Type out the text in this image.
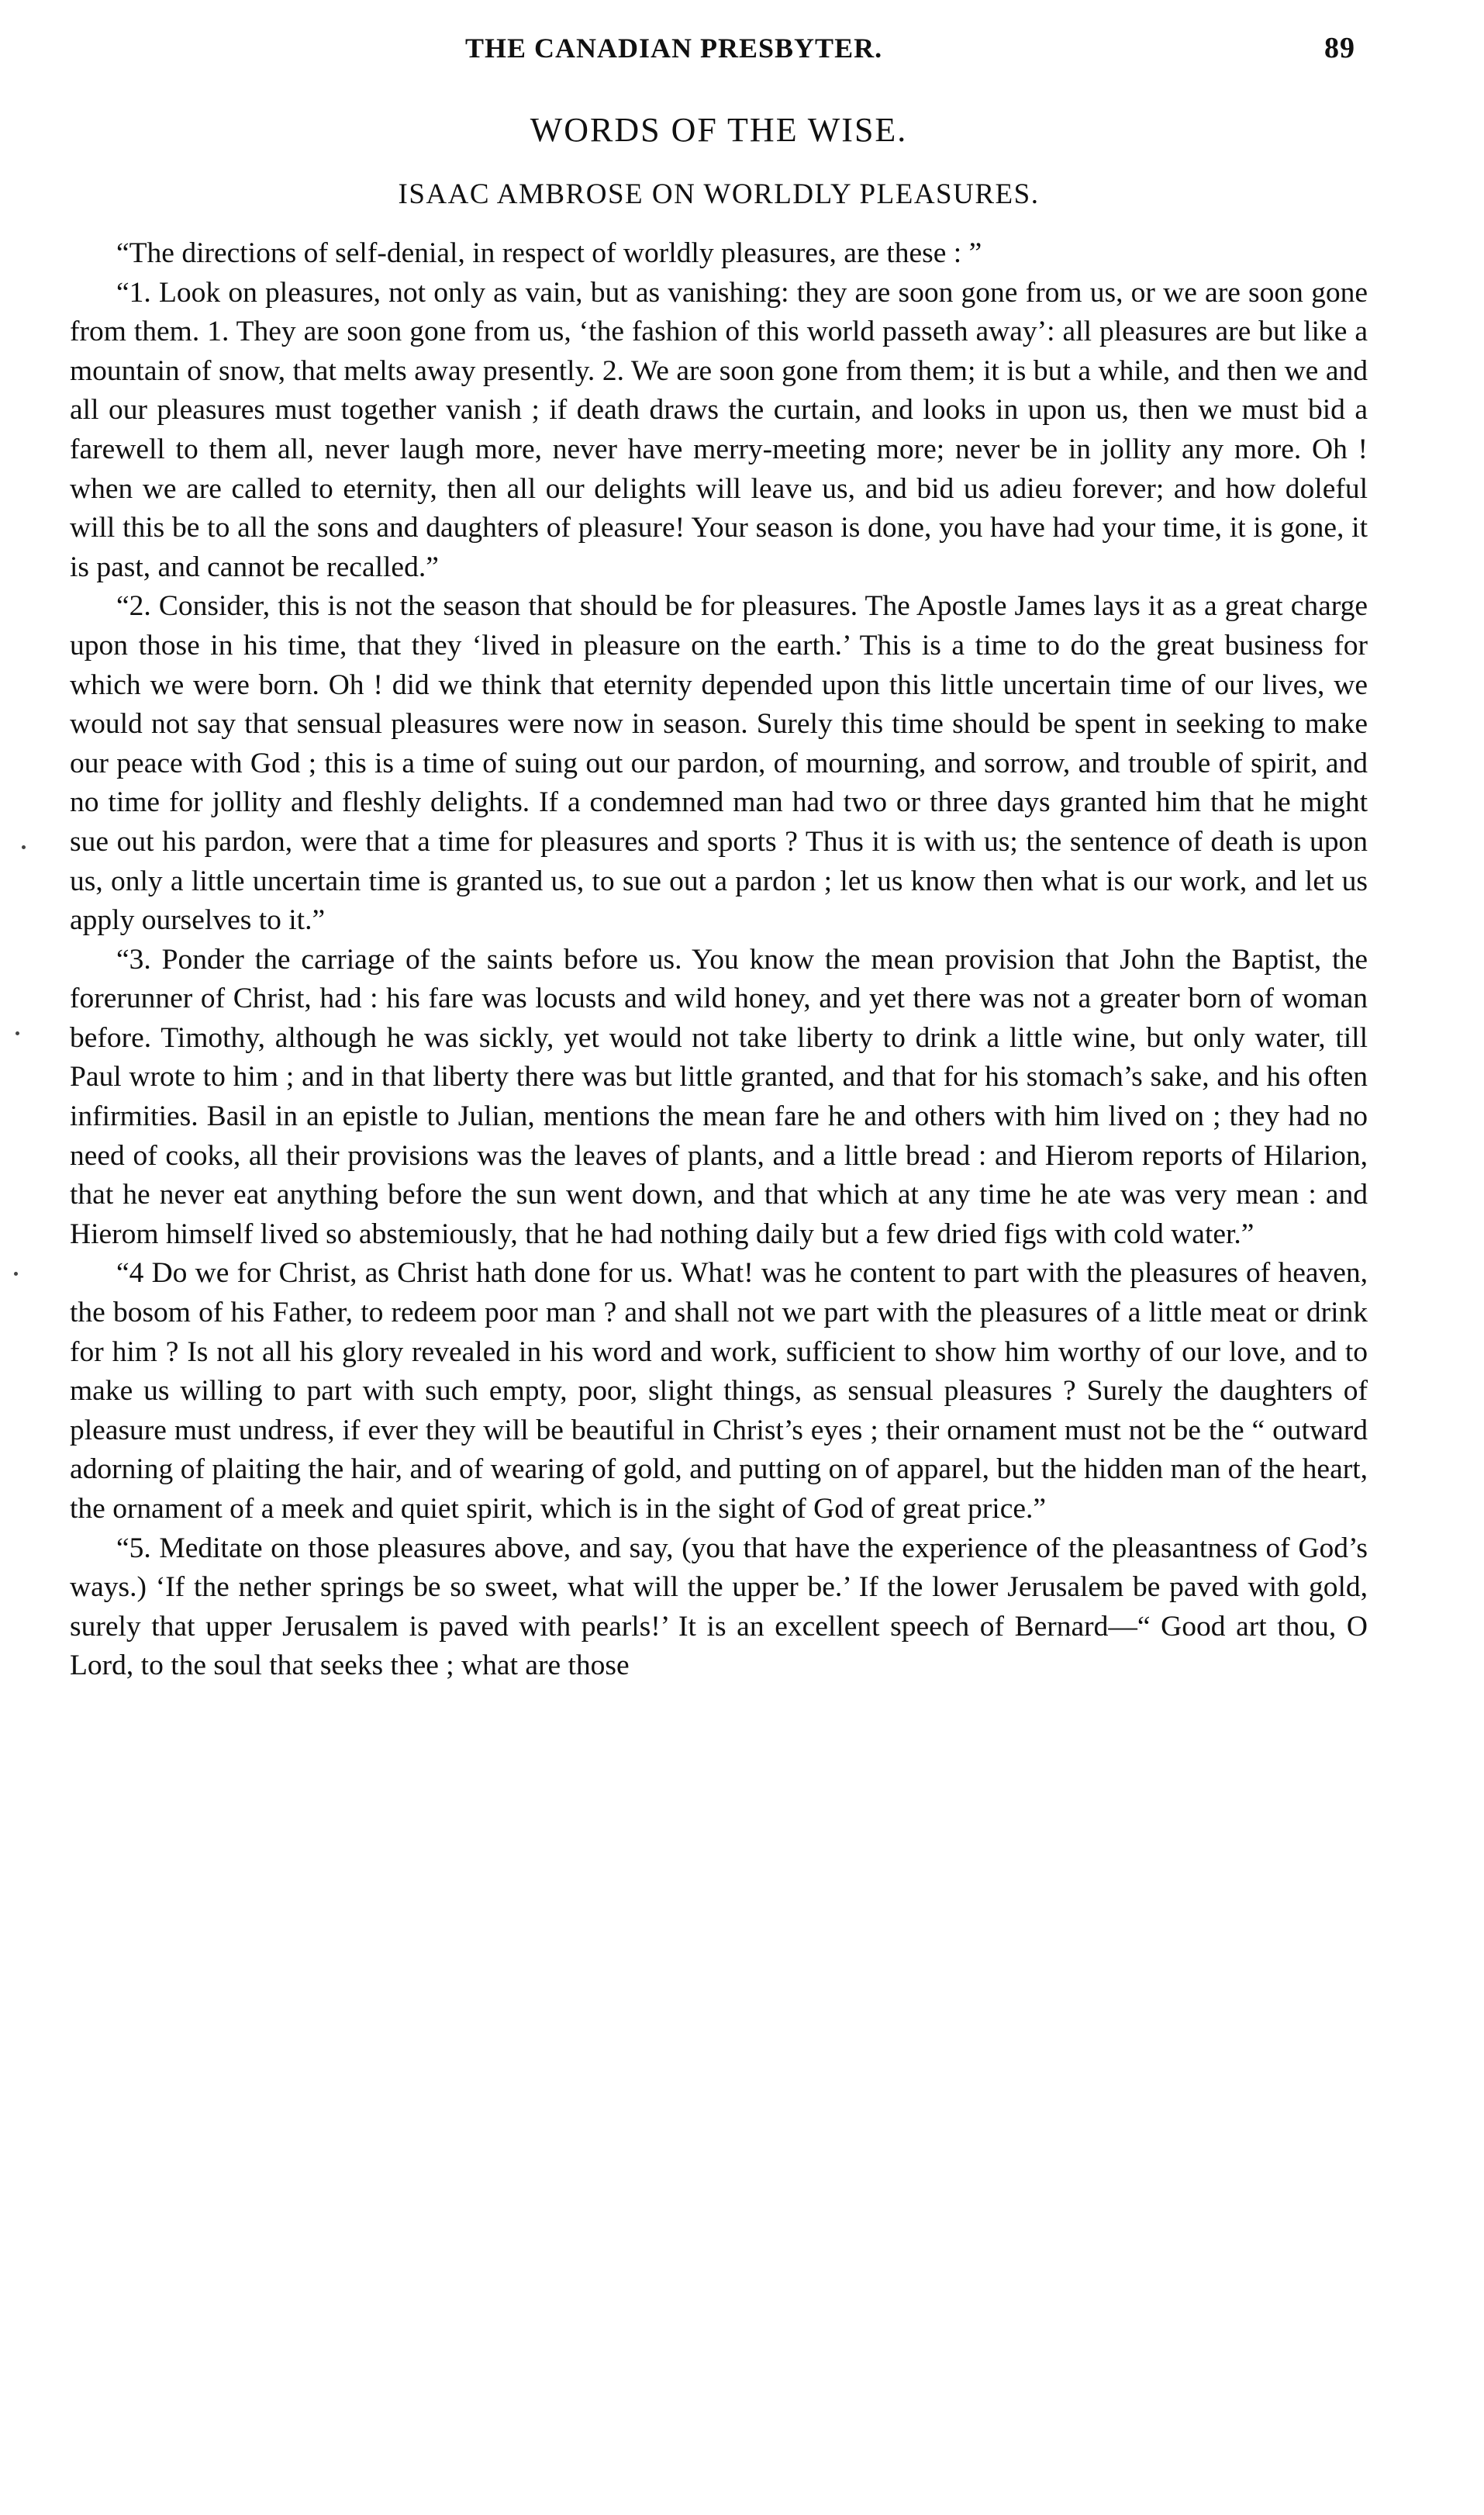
THE CANADIAN PRESBYTER.	89
WORDS OF THE WISE.
ISAAC AMBROSE ON WORLDLY PLEASURES.

“The directions of self-denial, in respect of worldly pleasures, are these : ”

“1. Look on pleasures, not only as vain, but as vanishing: they are soon gone from us, or we are soon gone from them. 1. They are soon gone from us, ‘the fashion of this world passeth away’: all pleasures are but like a mountain of snow, that melts away presently. 2. We are soon gone from them; it is but a while, and then we and all our pleasures must together vanish ; if death draws the curtain, and looks in upon us, then we must bid a farewell to them all, never laugh more, never have merry-meeting more; never be in jollity any more. Oh ! when we are called to eternity, then all our delights will leave us, and bid us adieu forever; and how doleful will this be to all the sons and daughters of pleasure! Your season is done, you have had your time, it is gone, it is past, and cannot be recalled.”

“2. Consider, this is not the season that should be for pleasures. The Apostle James lays it as a great charge upon those in his time, that they ‘lived in pleasure on the earth.’ This is a time to do the great business for which we were born. Oh ! did we think that eternity depended upon this little uncertain time of our lives, we would not say that sensual pleasures were now in season. Surely this time should be spent in seeking to make our peace with God ; this is a time of suing out our pardon, of mourning, and sorrow, and trouble of spirit, and no time for jollity and fleshly delights. If a condemned man had two or three days granted him that he might sue out his pardon, were that a time for pleasures and sports ? Thus it is with us; the sentence of death is upon us, only a little uncertain time is granted us, to sue out a pardon ; let us know then what is our work, and let us apply ourselves to it.”

“3. Ponder the carriage of the saints before us. You know the mean provision that John the Baptist, the forerunner of Christ, had : his fare was locusts and wild honey, and yet there was not a greater born of woman before. Timothy, although he was sickly, yet would not take liberty to drink a little wine, but only water, till Paul wrote to him ; and in that liberty there was but little granted, and that for his stomach’s sake, and his often infirmities. Basil in an epistle to Julian, mentions the mean fare he and others with him lived on ; they had no need of cooks, all their provisions was the leaves of plants, and a little bread : and Hierom reports of Hilarion, that he never eat anything before the sun went down, and that which at any time he ate was very mean : and Hierom himself lived so abstemiously, that he had nothing daily but a few dried figs with cold water.”

“4 Do we for Christ, as Christ hath done for us. What! was he content to part with the pleasures of heaven, the bosom of his Father, to redeem poor man ? and shall not we part with the pleasures of a little meat or drink for him ? Is not all his glory revealed in his word and work, sufficient to show him worthy of our love, and to make us willing to part with such empty, poor, slight things, as sensual pleasures ? Surely the daughters of pleasure must undress, if ever they will be beautiful in Christ’s eyes ; their ornament must not be the “ outward adorning of plaiting the hair, and of wearing of gold, and putting on of apparel, but the hidden man of the heart, the ornament of a meek and quiet spirit, which is in the sight of God of great price.”

“5. Meditate on those pleasures above, and say, (you that have the experience of the pleasantness of God’s ways.) ‘If the nether springs be so sweet, what will the upper be.’ If the lower Jerusalem be paved with gold, surely that upper Jerusalem is paved with pearls!’ It is an excellent speech of Bernard—“ Good art thou, O Lord, to the soul that seeks thee ; what are those
